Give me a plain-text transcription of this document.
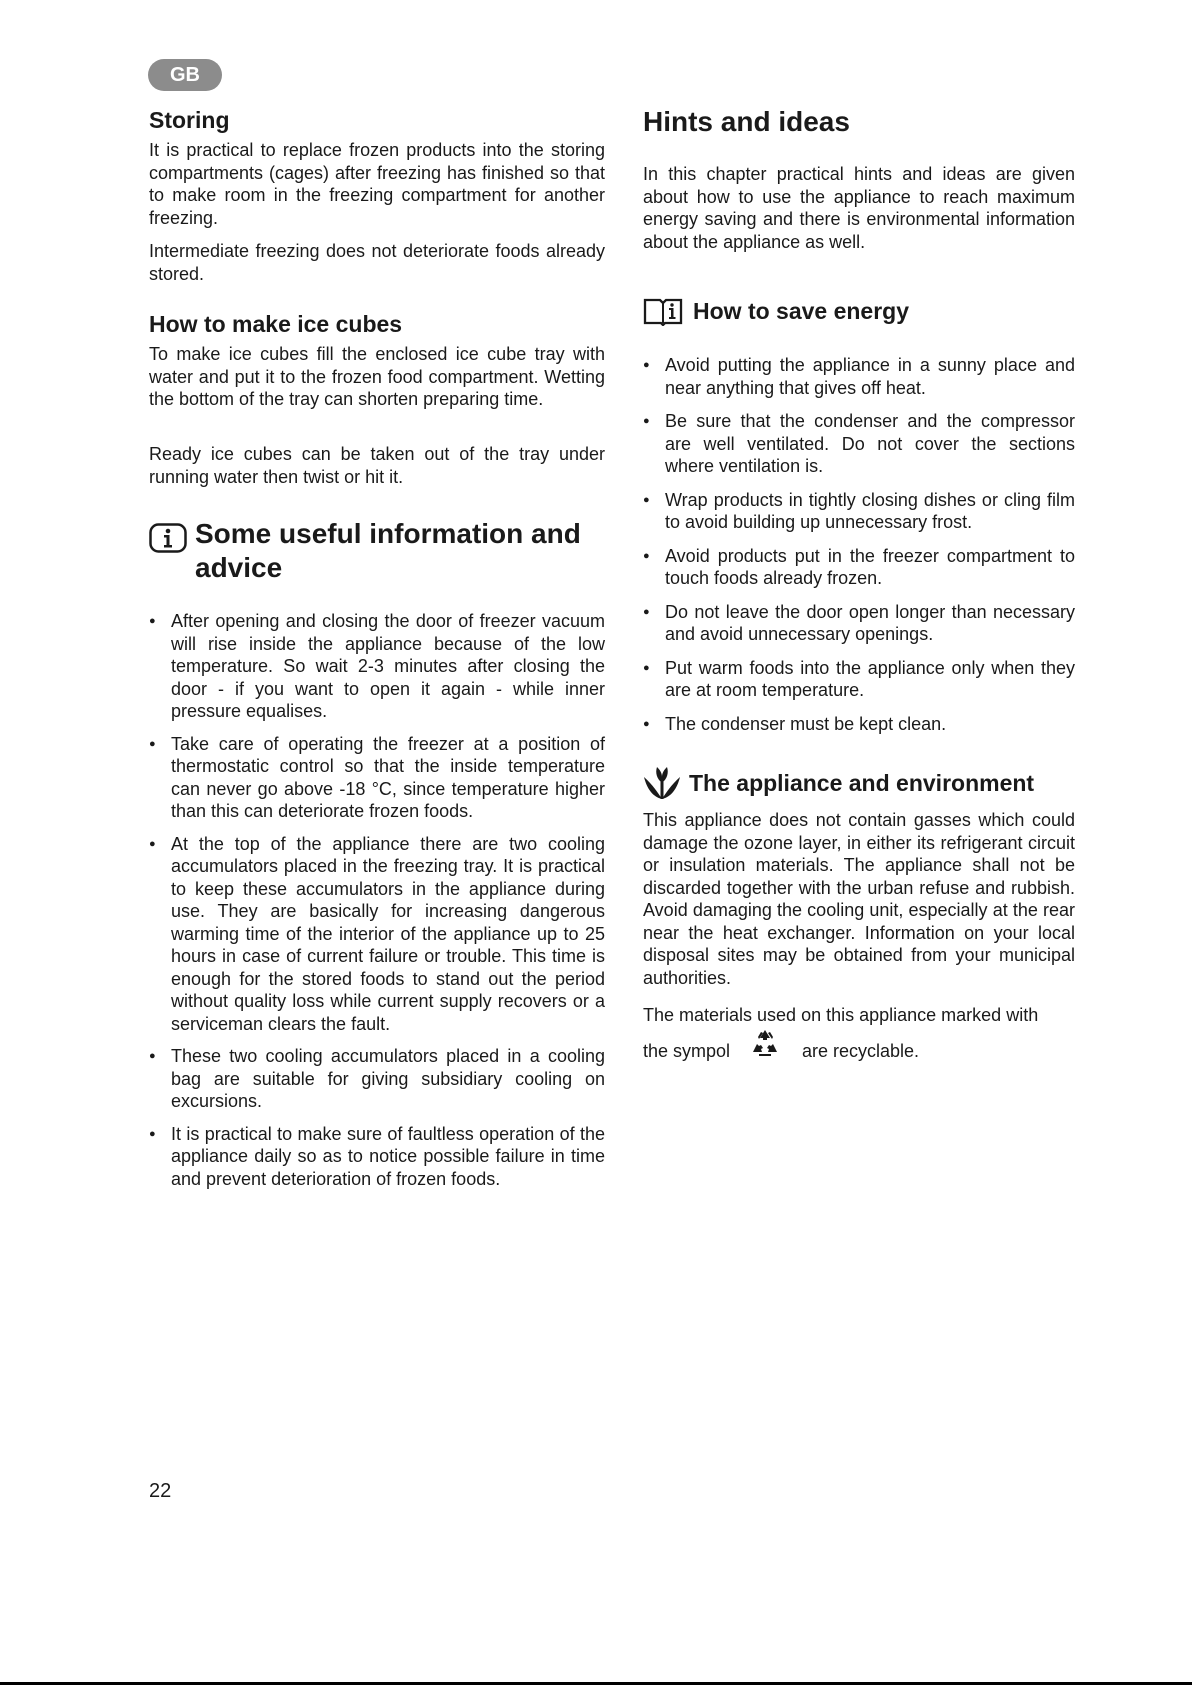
GB
Storing

It is practical to replace frozen products into the storing compartments (cages) after freezing has finished so that to make room in the freezing compartment for another freezing.

Intermediate freezing does not deteriorate foods already stored.

How to make ice cubes

To make ice cubes fill the enclosed ice cube tray with water and put it to the frozen food compartment. Wetting the bottom of the tray can shorten preparing time.

Ready ice cubes can be taken out of the tray under running water then twist or hit it.

Some useful information and advice
● After opening and closing the door of freezer vacuum will rise inside the appliance because of the low temperature. So wait 2-3 minutes after closing the door - if you want to open it again - while inner pressure equalises.
● Take care of operating the freezer at a position of thermostatic control so that the inside temperature can never go above -18 °C, since temperature higher than this can deteriorate frozen foods.
● At the top of the appliance there are two cooling accumulators placed in the freezing tray. It is practical to keep these accumulators in the appliance during use. They are basically for increasing dangerous warming time of the interior of the appliance up to 25 hours in case of current failure or trouble. This time is enough for the stored foods to stand out the period without quality loss while current supply recovers or a serviceman clears the fault.
● These two cooling accumulators placed in a cooling bag are suitable for giving subsidiary cooling on excursions.
● It is practical to make sure of faultless operation of the appliance daily so as to notice possible failure in time and prevent deterioration of frozen foods.
Hints and ideas

In this chapter practical hints and ideas are given about how to use the appliance to reach maximum energy saving and there is environmental information about the appliance as well.

How to save energy
● Avoid putting the appliance in a sunny place and near anything that gives off heat.
● Be sure that the condenser and the compressor are well ventilated. Do not cover the sections where ventilation is.
● Wrap products in tightly closing dishes or cling film to avoid building up unnecessary frost.
● Avoid products put in the freezer compartment to touch foods already frozen.
● Do not leave the door open longer than necessary and avoid unnecessary openings.
● Put warm foods into the appliance only when they are at room temperature.
● The condenser must be kept clean.
The appliance and environment

This appliance does not contain gasses which could damage the ozone layer, in either its refrigerant circuit or insulation materials. The appliance shall not be discarded together with the urban refuse and rubbish. Avoid damaging the cooling unit, especially at the rear near the heat exchanger. Information on your local disposal sites may be obtained from your municipal authorities.

The materials used on this appliance marked with

the sympol	are recyclable.
22
